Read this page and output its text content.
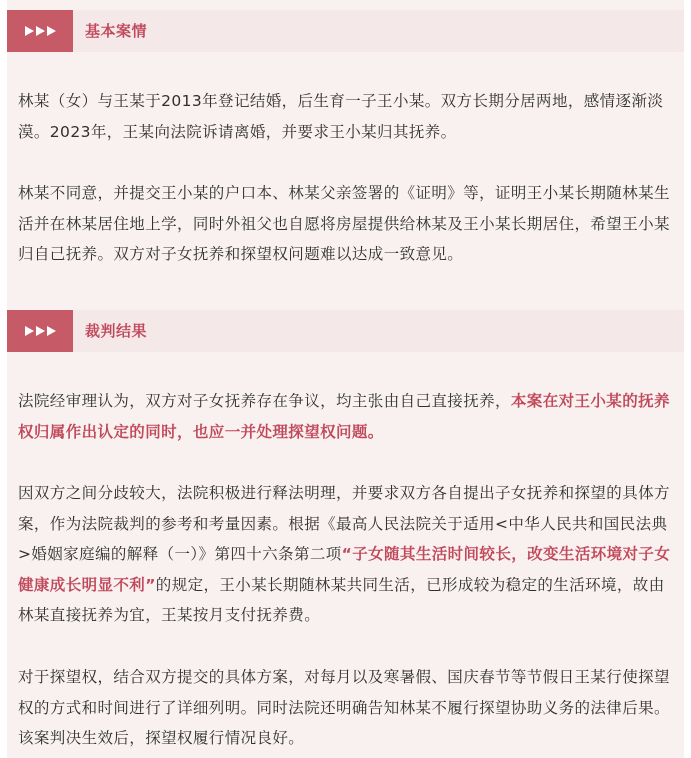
基本案情

林某（女）与王某于2013年登记结婚，后生育一子王小某。双方长期分居两地，感情逐渐淡漠。2023年，王某向法院诉请离婚，并要求王小某归其抚养。

林某不同意，并提交王小某的户口本、林某父亲签署的《证明》等，证明王小某长期随林某生活并在林某居住地上学，同时外祖父也自愿将房屋提供给林某及王小某长期居住，希望王小某归自己抚养。双方对子女抚养和探望权问题难以达成一致意见。

裁判结果

法院经审理认为，双方对子女抚养存在争议，均主张由自己直接抚养，本案在对王小某的抚养权归属作出认定的同时，也应一并处理探望权问题。

因双方之间分歧较大，法院积极进行释法明理，并要求双方各自提出子女抚养和探望的具体方案，作为法院裁判的参考和考量因素。根据《最高人民法院关于适用<中华人民共和国民法典>婚姻家庭编的解释（一）》第四十六条第二项“子女随其生活时间较长，改变生活环境对子女健康成长明显不利”的规定，王小某长期随林某共同生活，已形成较为稳定的生活环境，故由林某直接抚养为宜，王某按月支付抚养费。

对于探望权，结合双方提交的具体方案，对每月以及寒暑假、国庆春节等节假日王某行使探望权的方式和时间进行了详细列明。同时法院还明确告知林某不履行探望协助义务的法律后果。该案判决生效后，探望权履行情况良好。
